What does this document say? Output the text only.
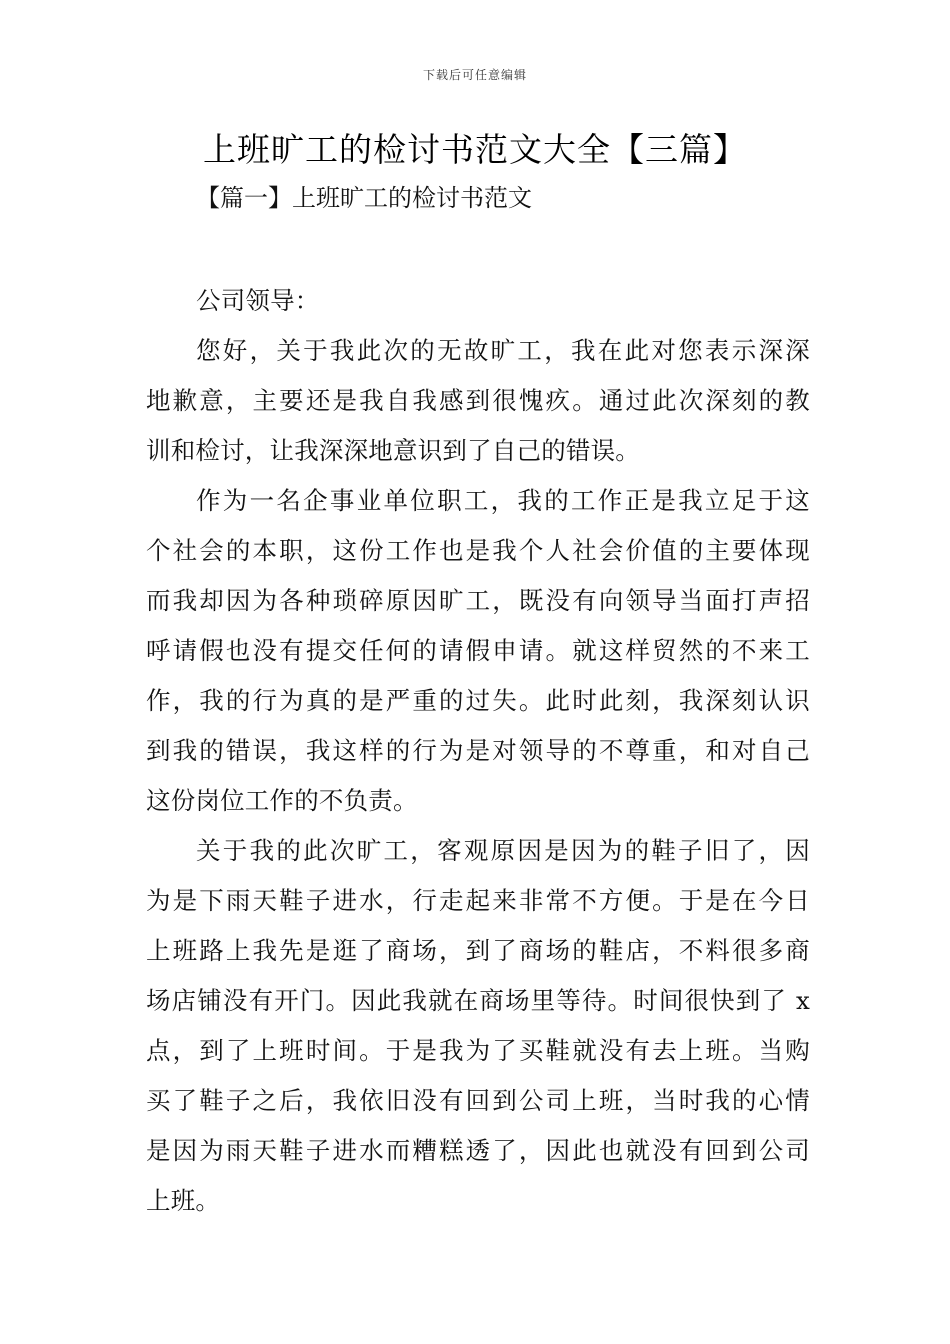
下载后可任意编辑
上班旷工的检讨书范文大全【三篇】
【篇一】上班旷工的检讨书范文
公司领导：
您好，关于我此次的无故旷工，我在此对您表示深深
地歉意，主要还是我自我感到很愧疚。通过此次深刻的教
训和检讨，让我深深地意识到了自己的错误。
作为一名企事业单位职工，我的工作正是我立足于这
个社会的本职，这份工作也是我个人社会价值的主要体现
而我却因为各种琐碎原因旷工，既没有向领导当面打声招
呼请假也没有提交任何的请假申请。就这样贸然的不来工
作，我的行为真的是严重的过失。此时此刻，我深刻认识
到我的错误，我这样的行为是对领导的不尊重，和对自己
这份岗位工作的不负责。
关于我的此次旷工，客观原因是因为的鞋子旧了，因
为是下雨天鞋子进水，行走起来非常不方便。于是在今日
上班路上我先是逛了商场，到了商场的鞋店，不料很多商
场店铺没有开门。因此我就在商场里等待。时间很快到了 x
点，到了上班时间。于是我为了买鞋就没有去上班。当购
买了鞋子之后，我依旧没有回到公司上班，当时我的心情
是因为雨天鞋子进水而糟糕透了，因此也就没有回到公司
上班。
